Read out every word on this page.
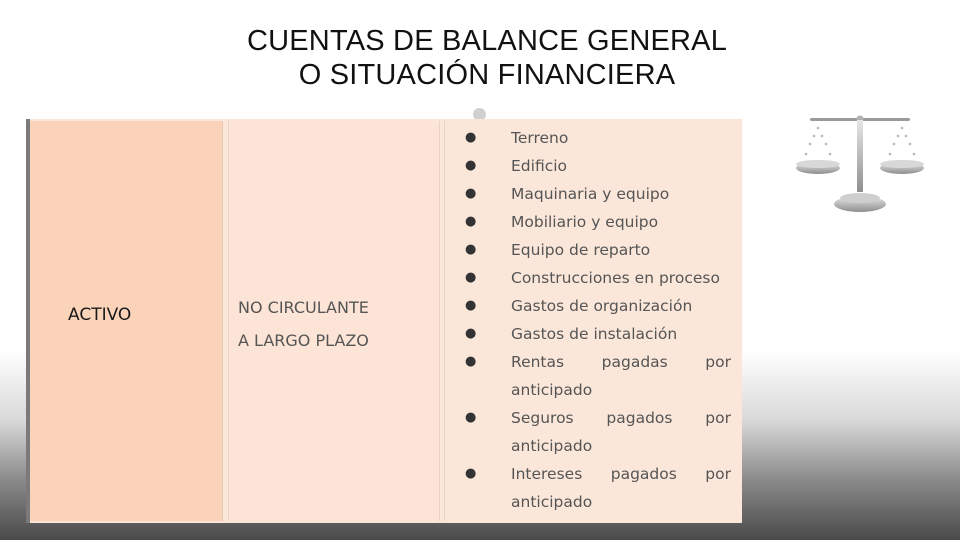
CUENTAS DE BALANCE GENERAL
O SITUACIÓN FINANCIERA
ACTIVO	NO CIRCULANTE
A LARGO PLAZO
● Terreno
● Edificio
● Maquinaria y equipo
● Mobiliario y equipo
● Equipo de reparto
● Construcciones en proceso
● Gastos de organización
● Gastos de instalación
● Rentas pagadas por
anticipado
● Seguros pagados por
anticipado
● Intereses pagados por
anticipado
